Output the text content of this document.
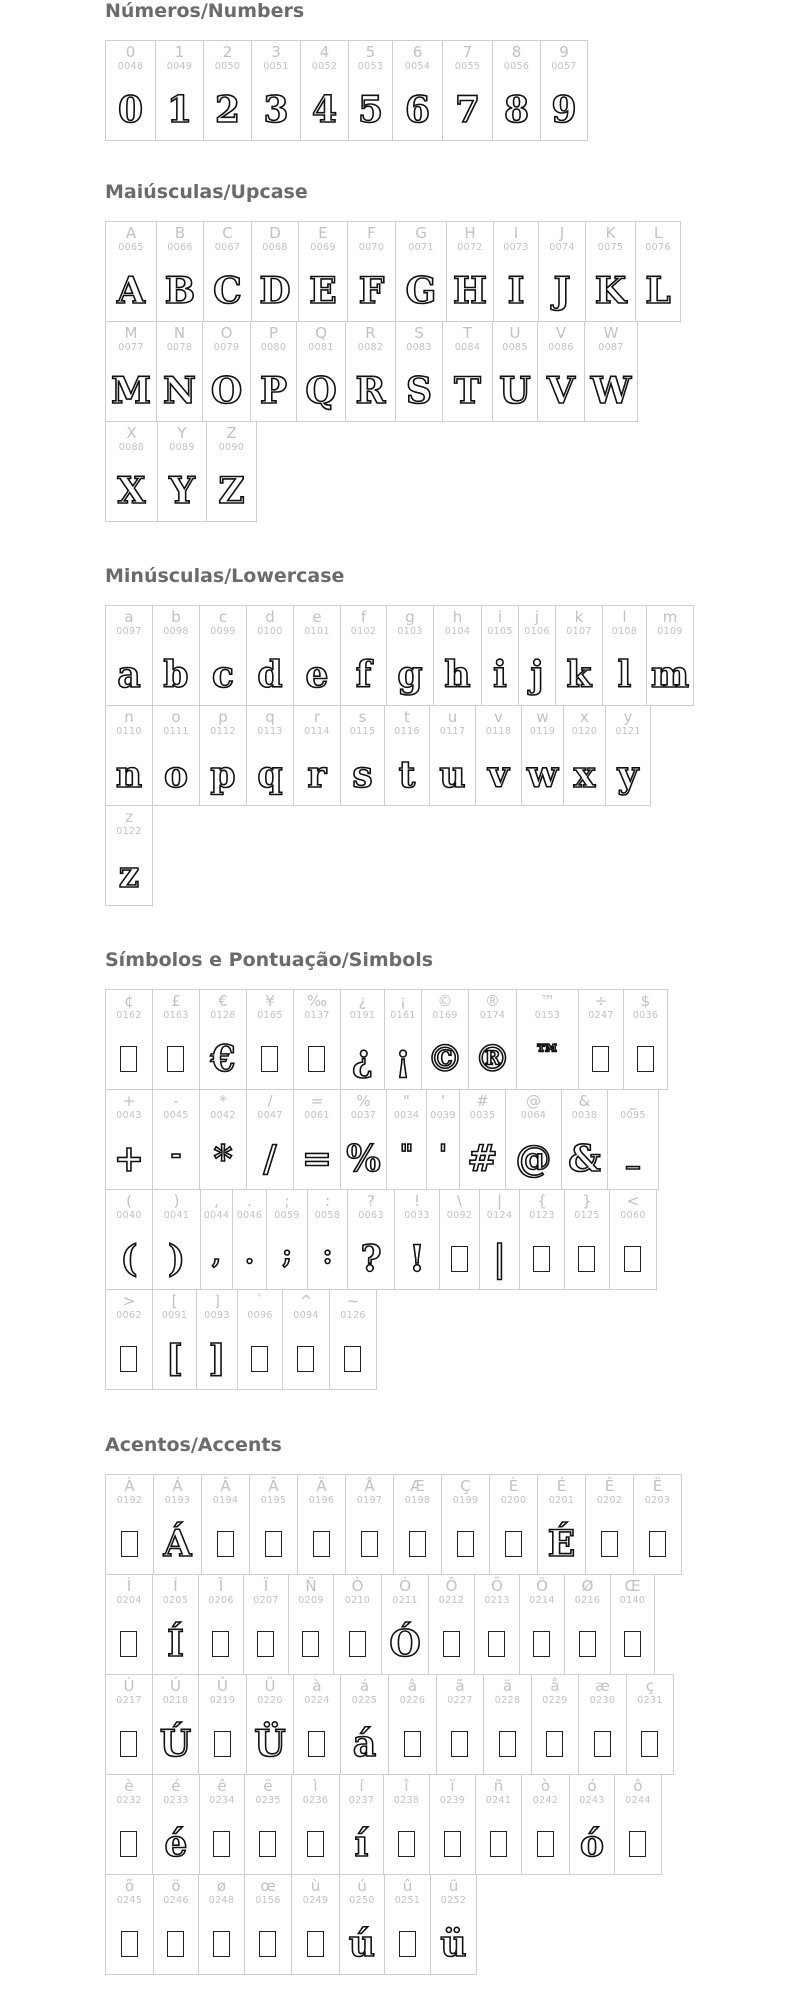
Números/Numbers
0
0048
0
1
0049
1
2
0050
2
3
0051
3
4
0052
4
5
0053
5
6
0054
6
7
0055
7
8
0056
8
9
0057
9
Maiúsculas/Upcase
A
0065
A
B
0066
B
C
0067
C
D
0068
D
E
0069
E
F
0070
F
G
0071
G
H
0072
H
I
0073
I
J
0074
J
K
0075
K
L
0076
L
M
0077
M
N
0078
N
O
0079
O
P
0080
P
Q
0081
Q
R
0082
R
S
0083
S
T
0084
T
U
0085
U
V
0086
V
W
0087
W
X
0088
X
Y
0089
Y
Z
0090
Z
Minúsculas/Lowercase
a
0097
a
b
0098
b
c
0099
c
d
0100
d
e
0101
e
f
0102
f
g
0103
g
h
0104
h
i
0105
i
j
0106
j
k
0107
k
l
0108
l
m
0109
m
n
0110
n
o
0111
o
p
0112
p
q
0113
q
r
0114
r
s
0115
s
t
0116
t
u
0117
u
v
0118
v
w
0119
w
x
0120
x
y
0121
y
z
0122
z
Símbolos e Pontuação/Simbols
¢
0162
£
0163
€
0128
€
¥
0165
‰
0137
¿
0191
¿
¡
0161
¡
©
0169
©
®
0174
®
™
0153
™
÷
0247
$
0036
+
0043
+
-
0045
-
*
0042
*
/
0047
/
=
0061
=
%
0037
%
"
0034
"
'
0039
'
#
0035
#
@
0064
@
&
0038
&
_
0095
_
(
0040
(
)
0041
)
,
0044
,
.
0046
.
;
0059
;
:
0058
:
?
0063
?
!
0033
!
\
0092
|
0124
|
{
0123
}
0125
<
0060
>
0062
[
0091
[
]
0093
]
`
0096
^
0094
~
0126
Acentos/Accents
À
0192
Á
0193
Á
Â
0194
Ã
0195
Ä
0196
Å
0197
Æ
0198
Ç
0199
È
0200
É
0201
É
Ê
0202
Ë
0203
Ì
0204
Í
0205
Í
Î
0206
Ï
0207
Ñ
0209
Ò
0210
Ó
0211
Ó
Ô
0212
Õ
0213
Ö
0214
Ø
0216
Œ
0140
Ù
0217
Ú
0218
Ú
Û
0219
Ü
0220
Ü
à
0224
á
0225
á
â
0226
ã
0227
ä
0228
å
0229
æ
0230
ç
0231
è
0232
é
0233
é
ê
0234
ë
0235
ì
0236
í
0237
í
î
0238
ï
0239
ñ
0241
ò
0242
ó
0243
ó
ô
0244
õ
0245
ö
0246
ø
0248
œ
0156
ù
0249
ú
0250
ú
û
0251
ü
0252
ü
